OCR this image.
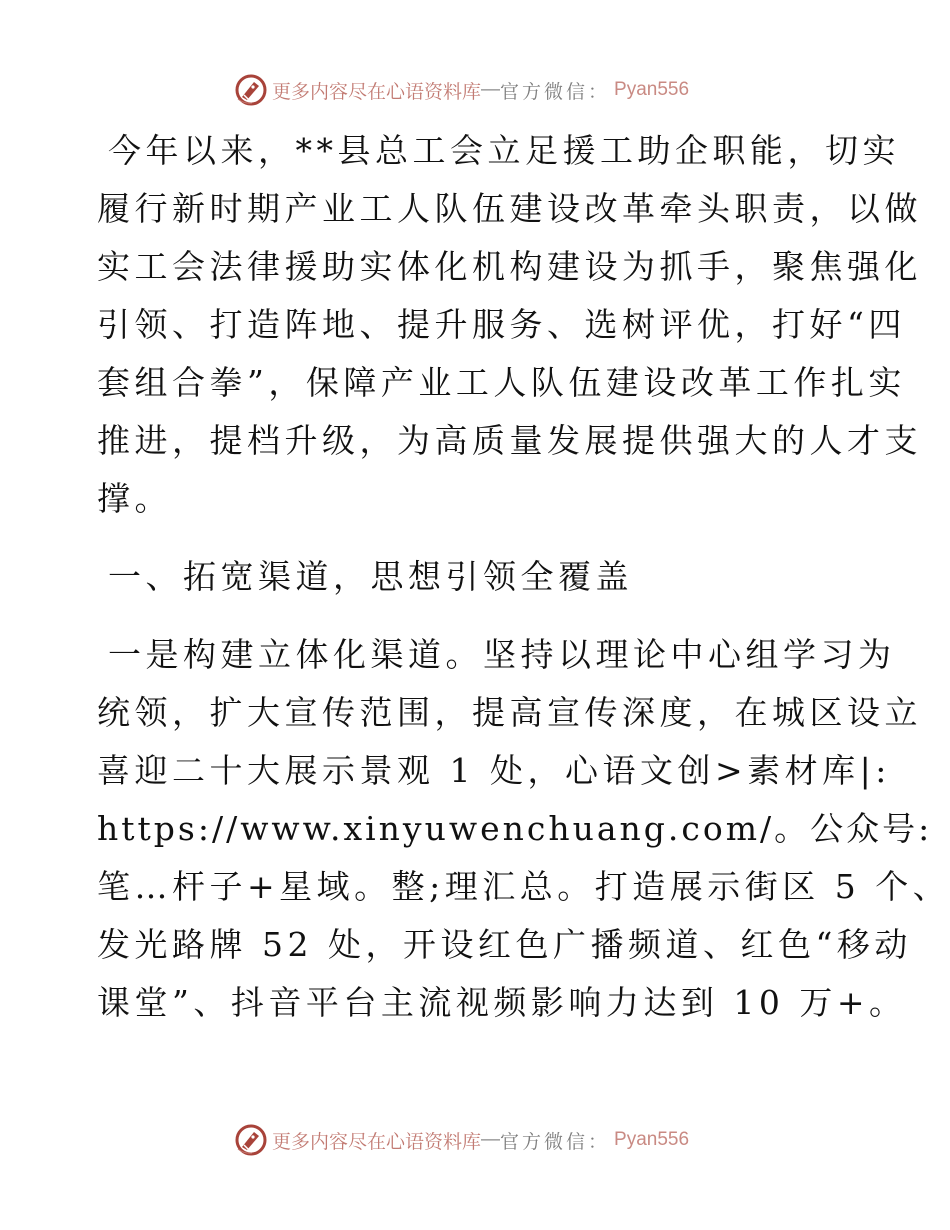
更多内容尽在心语资料库 — 官方微信： Pyan556
今年以来，**县总工会立足援工助企职能，切实
履行新时期产业工人队伍建设改革牵头职责，以做
实工会法律援助实体化机构建设为抓手，聚焦强化
引领、打造阵地、提升服务、选树评优，打好“四
套组合拳”，保障产业工人队伍建设改革工作扎实
推进，提档升级，为高质量发展提供强大的人才支
撑。
一、拓宽渠道，思想引领全覆盖
一是构建立体化渠道。坚持以理论中心组学习为
统领，扩大宣传范围，提高宣传深度，在城区设立
喜迎二十大展示景观 1 处，心语文创>素材库|:
https://www.xinyuwenchuang.com/。公众号:
笔…杆子+星域。整;理汇总。打造展示街区 5 个、
发光路牌 52 处，开设红色广播频道、红色“移动
课堂”、抖音平台主流视频影响力达到 10 万+。
更多内容尽在心语资料库 — 官方微信： Pyan556
